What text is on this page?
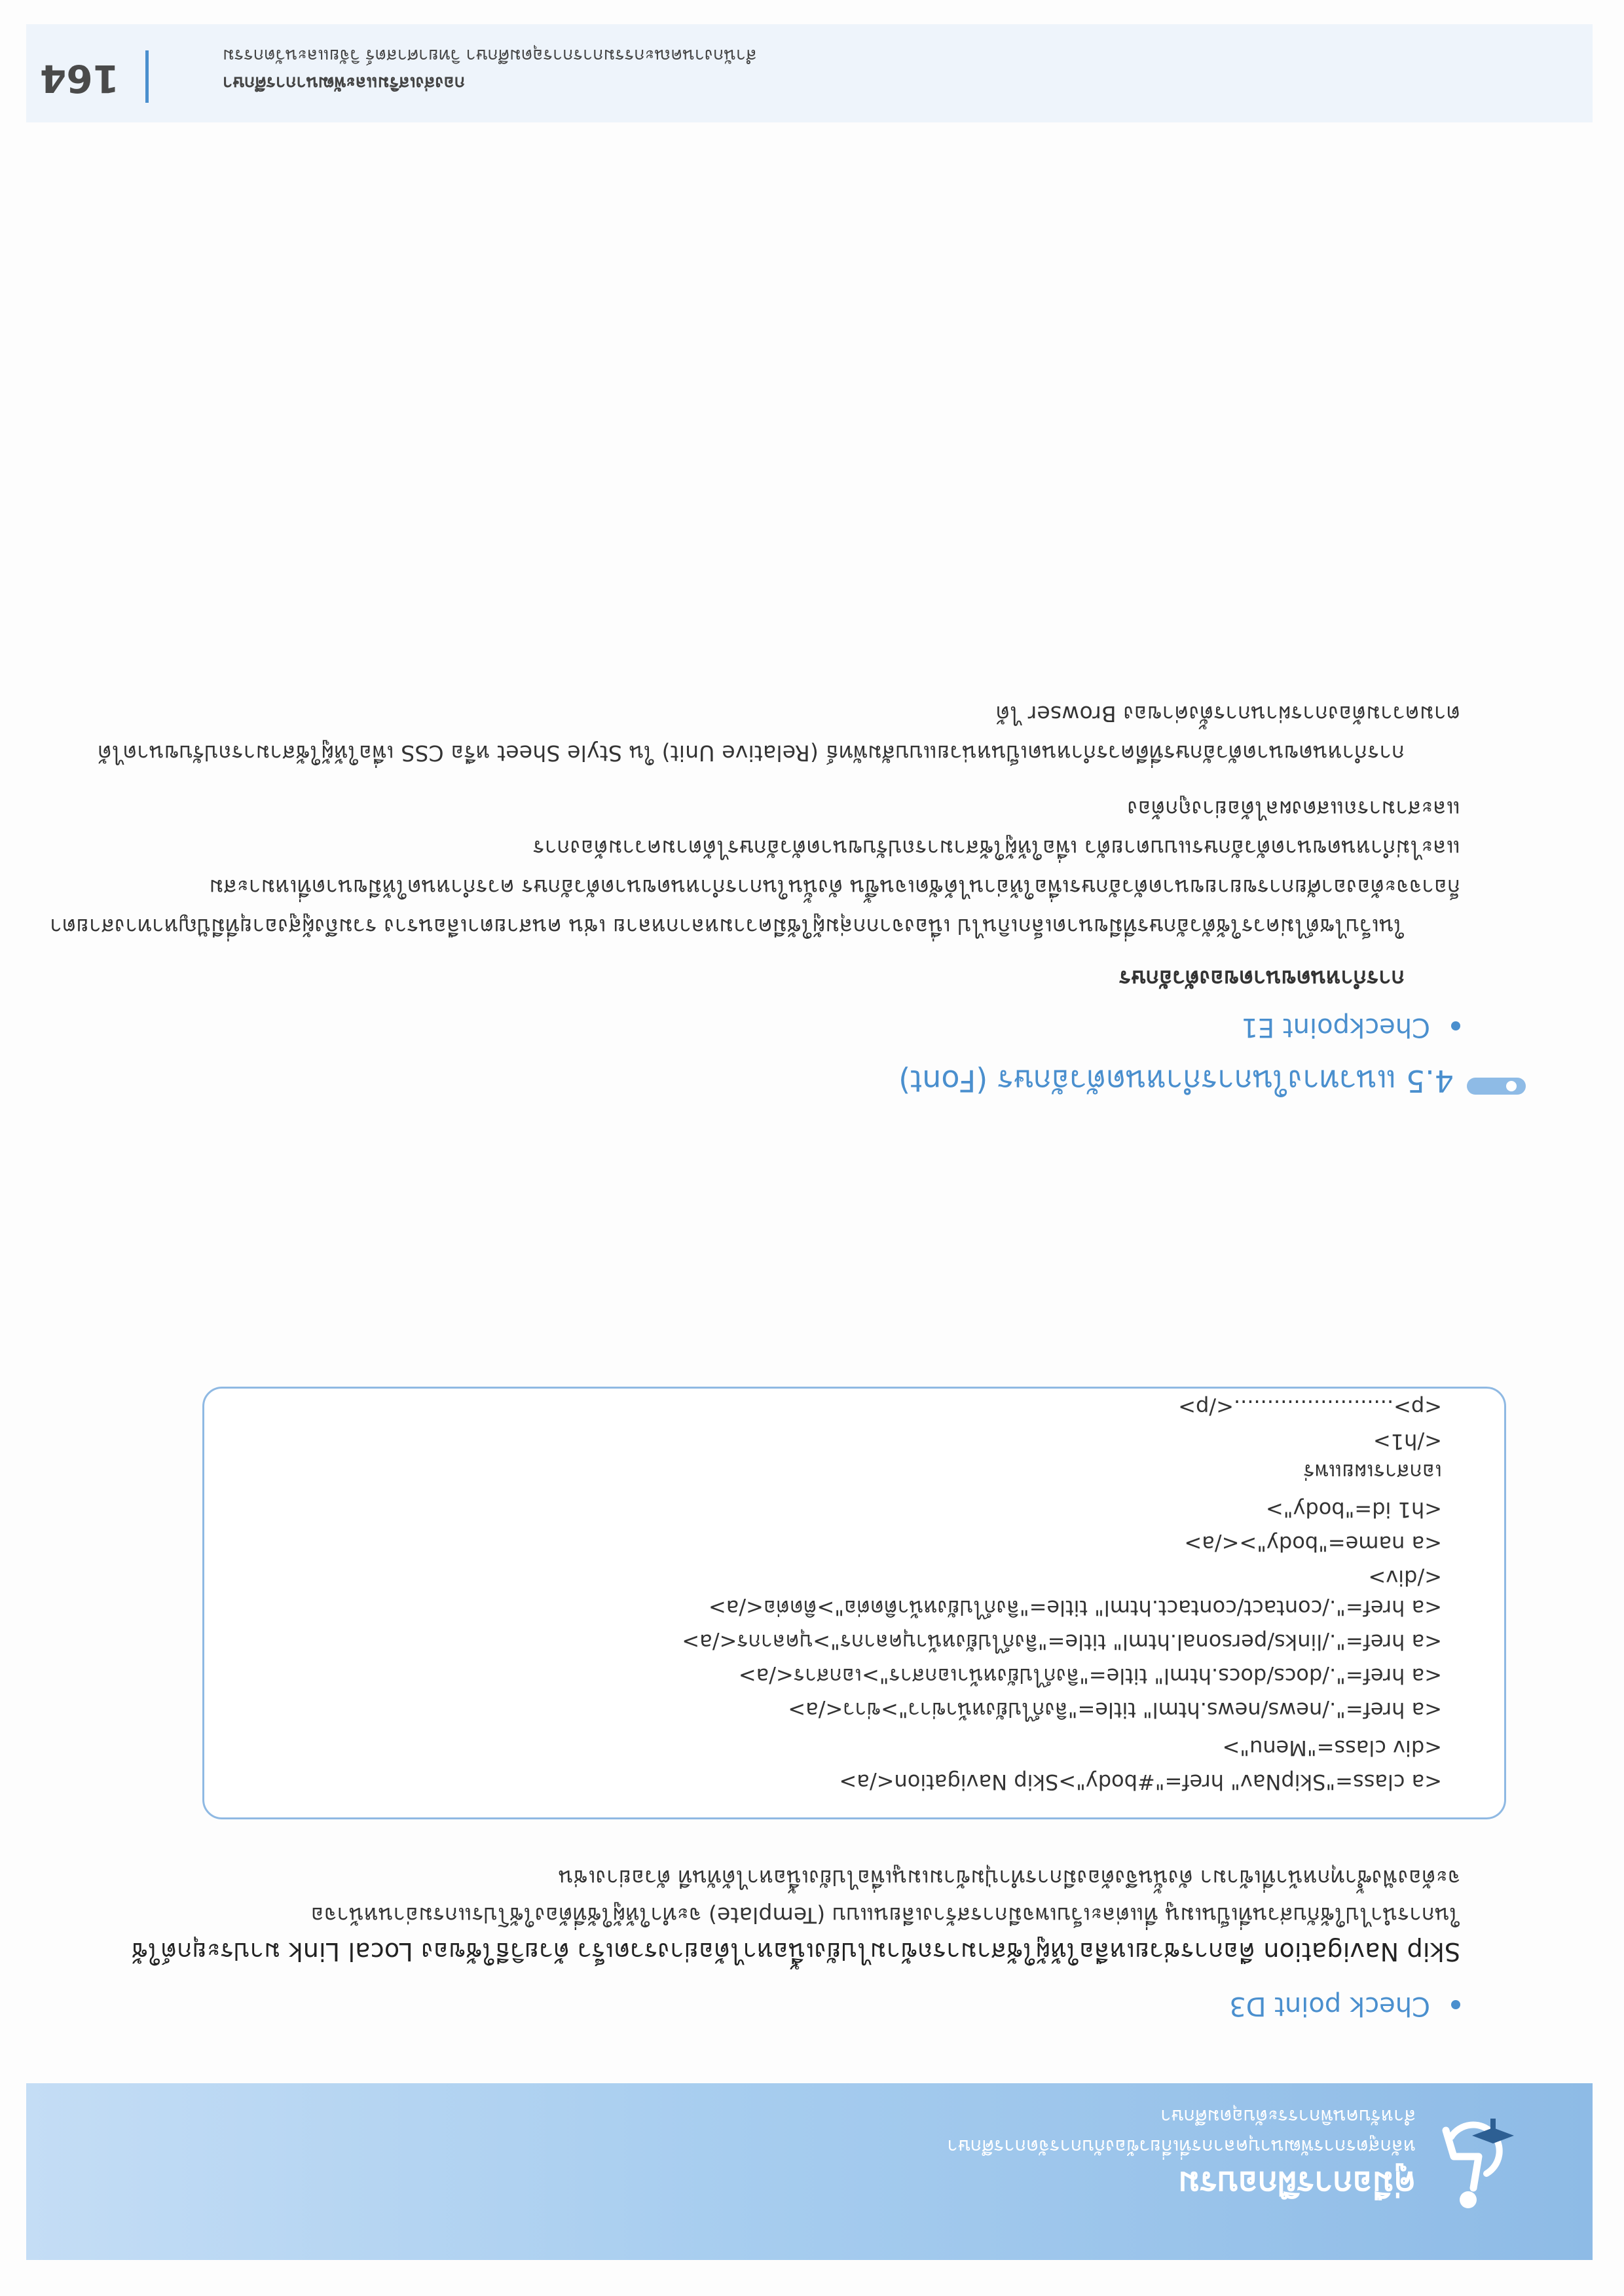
คู่มือการฝึกอบรม
หลักสูตรการพัฒนาบุคลากรที่เกี่ยวข้องกับการจัดการศึกษา
สำหรับคนพิการระดับอุดมศึกษา
Check point D3
Skip Navigation คือการช่วยเหลือให้ผู้ใช้สามารถข้ามไปยังเนื้อหาได้อย่างรวดเร็ว ด้วยวิธีใช้ของ Local Link มาประยุกต์ใช้
ในการนำไปใช้กับส่วนที่เป็นเมนู ที่แต่ละเว็บเพจมีการสร้างเลียนแบบ (Template) จะทำให้ผู้ใช้ที่ต้องใช้โปรแกรมอ่านหน้าจอ
จะต้องฟังซ้ำทุกหน้าที่เข้ามา ดังนั้นจึงต้องมีการทำปุ่มข้ามเมนูเพื่อไปยังเนื้อหาได้ทันที ตัวอย่างเช่น
<a class="SkipNav" href="#body">Skip Navigation</a>
<div class="Menu">
<a href="./news/news.html" title="ลิงก์ไปยังหน้าข่าว">ข่าว</a>
<a href="./docs/docs.html" title="ลิงก์ไปยังหน้าเอกสาร">เอกสาร</a>
<a href="./links/personal.html" title="ลิงก์ไปยังหน้าบุคลากร">บุคลากร</a>
<a href="./contact/contact.html" title="ลิงก์ไปยังหน้าติดต่อ">ติดต่อ</a>
</div>
<a name="body"></a>
<h1 id="body">
เอกสารเผยแพร่
</h1>
<p>........................</p>
4.5 แนวทางในการกำหนดตัวอักษร (Font)
Checkpoint E1
การกำหนดขนาดของตัวอักษร
ในเว็บไซต์ไม่ควรใช้ตัวอักษรที่มีขนาดเล็กเกินไป เนื่องจากกลุ่มผู้ใช้มีความหลากหลาย เช่น คนสายตาเลือนราง รวมถึงผู้สูงอายุที่มีปัญหาทางสายตา
ก็อาจจะต้องอาศัยการขยายขนาดตัวอักษรเพื่อให้อ่านได้ชัดเจนขึ้น ดังนั้นในการกำหนดขนาดตัวอักษร ควรกำหนดให้มีขนาดที่เหมาะสม
และไม่กำหนดขนาดตัวอักษรแบบตายตัว เพื่อให้ผู้ใช้สามารถปรับขนาดตัวอักษรได้ตามความต้องการ
และสามารถแสดงผลได้อย่างถูกต้อง
การกำหนดขนาดตัวอักษรที่ดีควรกำหนดเป็นหน่วยแบบสัมพัทธ์ (Relative Unit) ใน Style Sheet หรือ CSS เพื่อให้ผู้ใช้สามารถปรับขนาดได้
ตามความต้องการผ่านการตั้งค่าของ Browser ได้
164	กองส่งเสริมและพัฒนาการศึกษา
สำนักงานคณะกรรมการการอุดมศึกษา วิทยาศาสตร์ วิจัยและนวัตกรรม
